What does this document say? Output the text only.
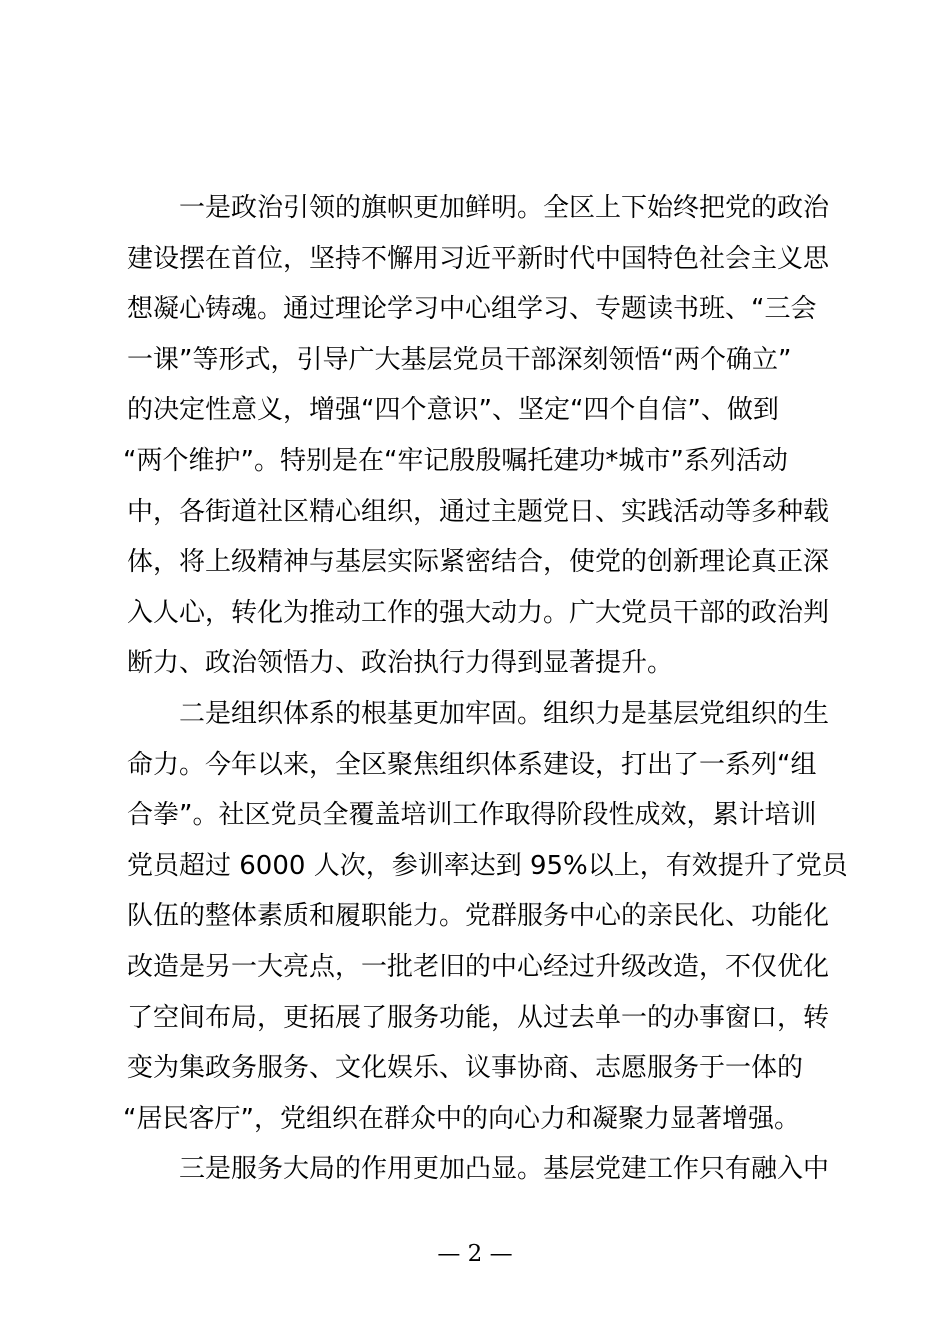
一是政治引领的旗帜更加鲜明。全区上下始终把党的政治
建设摆在首位，坚持不懈用习近平新时代中国特色社会主义思
想凝心铸魂。通过理论学习中心组学习、专题读书班、“三会
一课”等形式，引导广大基层党员干部深刻领悟“两个确立”
的决定性意义，增强“四个意识”、坚定“四个自信”、做到
“两个维护”。特别是在“牢记殷殷嘱托建功*城市”系列活动
中，各街道社区精心组织，通过主题党日、实践活动等多种载
体，将上级精神与基层实际紧密结合，使党的创新理论真正深
入人心，转化为推动工作的强大动力。广大党员干部的政治判
断力、政治领悟力、政治执行力得到显著提升。
二是组织体系的根基更加牢固。组织力是基层党组织的生
命力。今年以来，全区聚焦组织体系建设，打出了一系列“组
合拳”。社区党员全覆盖培训工作取得阶段性成效，累计培训
党员超过 6000 人次，参训率达到 95%以上，有效提升了党员
队伍的整体素质和履职能力。党群服务中心的亲民化、功能化
改造是另一大亮点，一批老旧的中心经过升级改造，不仅优化
了空间布局，更拓展了服务功能，从过去单一的办事窗口，转
变为集政务服务、文化娱乐、议事协商、志愿服务于一体的
“居民客厅”，党组织在群众中的向心力和凝聚力显著增强。
三是服务大局的作用更加凸显。基层党建工作只有融入中
— 2 —
